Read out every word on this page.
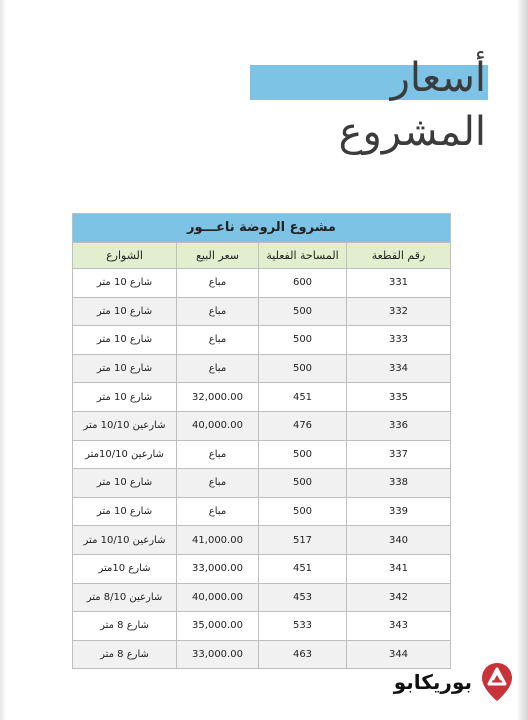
أسعار
المشروع
مشروع الروضة ناعـــور
رقم القطعة	المساحة الفعلية	سعر البيع	الشوارع
331	600	مباع	شارع 10 متر
332	500	مباع	شارع 10 متر
333	500	مباع	شارع 10 متر
334	500	مباع	شارع 10 متر
335	451	32,000.00	شارع 10 متر
336	476	40,000.00	شارعين 10/10 متر
337	500	مباع	شارعين 10/10متر
338	500	مباع	شارع 10 متر
339	500	مباع	شارع 10 متر
340	517	41,000.00	شارعين 10/10 متر
341	451	33,000.00	شارع 10متر
342	453	40,000.00	شارعين 8/10 متر
343	533	35,000.00	شارع 8 متر
344	463	33,000.00	شارع 8 متر
بوريكابو
